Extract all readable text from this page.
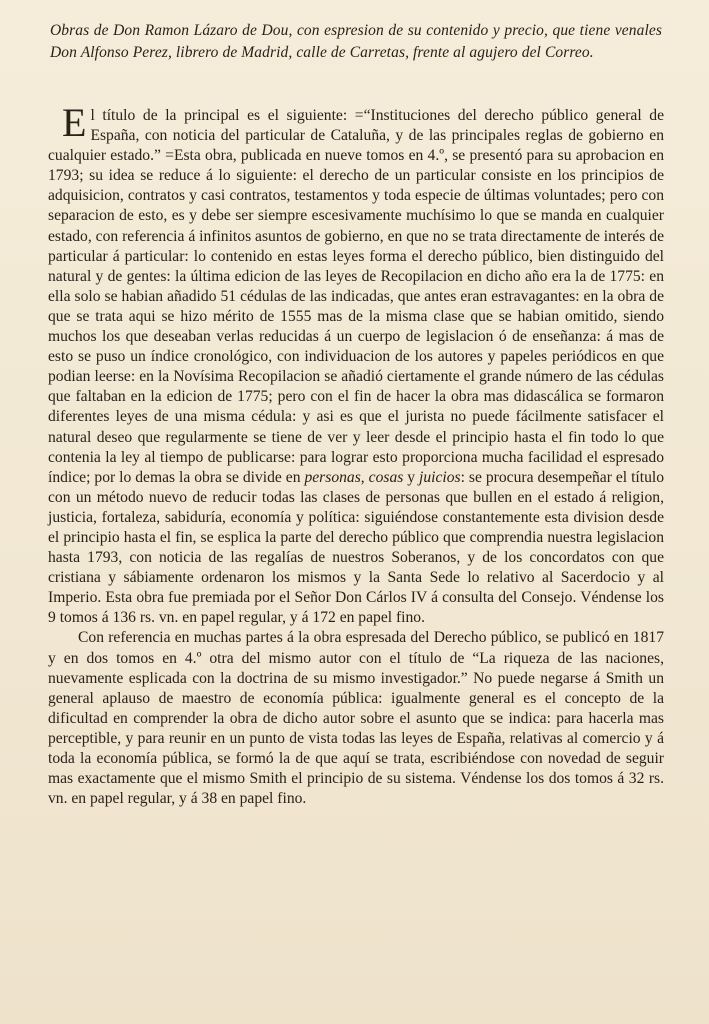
Obras de Don Ramon Lázaro de Dou, con espresion de su contenido y precio, que tiene venales Don Alfonso Perez, librero de Madrid, calle de Carretas, frente al agujero del Correo.

El título de la principal es el siguiente: =“Instituciones del derecho público general de España, con noticia del particular de Cataluña, y de las principales reglas de gobierno en cualquier estado.” =Esta obra, publicada en nueve tomos en 4.º, se presentó para su aprobacion en 1793; su idea se reduce á lo siguiente: el derecho de un particular consiste en los principios de adquisicion, contratos y casi contratos, testamentos y toda especie de últimas voluntades; pero con separacion de esto, es y debe ser siempre escesivamente muchísimo lo que se manda en cualquier estado, con referencia á infinitos asuntos de gobierno, en que no se trata directamente de interés de particular á particular: lo contenido en estas leyes forma el derecho público, bien distinguido del natural y de gentes: la última edicion de las leyes de Recopilacion en dicho año era la de 1775: en ella solo se habian añadido 51 cédulas de las indicadas, que antes eran estravagantes: en la obra de que se trata aqui se hizo mérito de 1555 mas de la misma clase que se habian omitido, siendo muchos los que deseaban verlas reducidas á un cuerpo de legislacion ó de enseñanza: á mas de esto se puso un índice cronológico, con individuacion de los autores y papeles periódicos en que podian leerse: en la Novísima Recopilacion se añadió ciertamente el grande número de las cédulas que faltaban en la edicion de 1775; pero con el fin de hacer la obra mas didascálica se formaron diferentes leyes de una misma cédula: y asi es que el jurista no puede fácilmente satisfacer el natural deseo que regularmente se tiene de ver y leer desde el principio hasta el fin todo lo que contenia la ley al tiempo de publicarse: para lograr esto proporciona mucha facilidad el espresado índice; por lo demas la obra se divide en personas, cosas y juicios: se procura desempeñar el título con un método nuevo de reducir todas las clases de personas que bullen en el estado á religion, justicia, fortaleza, sabiduría, economía y política: siguiéndose constantemente esta division desde el principio hasta el fin, se esplica la parte del derecho público que comprendia nuestra legislacion hasta 1793, con noticia de las regalías de nuestros Soberanos, y de los concordatos con que cristiana y sábiamente ordenaron los mismos y la Santa Sede lo relativo al Sacerdocio y al Imperio. Esta obra fue premiada por el Señor Don Cárlos IV á consulta del Consejo. Véndense los 9 tomos á 136 rs. vn. en papel regular, y á 172 en papel fino.

Con referencia en muchas partes á la obra espresada del Derecho público, se publicó en 1817 y en dos tomos en 4.º otra del mismo autor con el título de “La riqueza de las naciones, nuevamente esplicada con la doctrina de su mismo investigador.” No puede negarse á Smith un general aplauso de maestro de economía pública: igualmente general es el concepto de la dificultad en comprender la obra de dicho autor sobre el asunto que se indica: para hacerla mas perceptible, y para reunir en un punto de vista todas las leyes de España, relativas al comercio y á toda la economía pública, se formó la de que aquí se trata, escribiéndose con novedad de seguir mas exactamente que el mismo Smith el principio de su sistema. Véndense los dos tomos á 32 rs. vn. en papel regular, y á 38 en papel fino.
